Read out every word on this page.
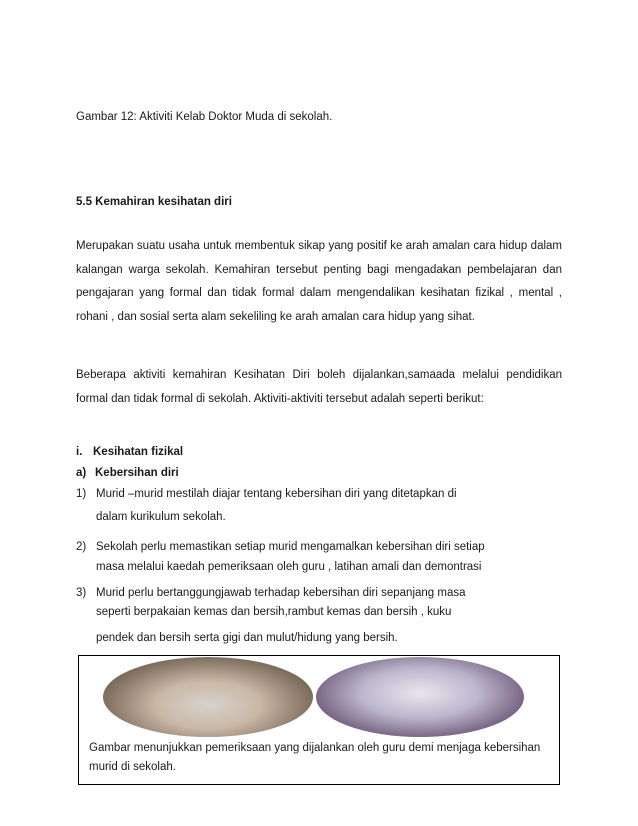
Gambar 12: Aktiviti Kelab Doktor Muda di sekolah.
5.5 Kemahiran kesihatan diri

Merupakan suatu usaha untuk membentuk sikap yang positif ke arah amalan cara hidup dalam kalangan warga sekolah. Kemahiran tersebut penting bagi mengadakan pembelajaran dan pengajaran yang formal dan tidak formal dalam mengendalikan kesihatan fizikal , mental , rohani , dan sosial serta alam sekeliling ke arah amalan cara hidup yang sihat.

Beberapa aktiviti kemahiran Kesihatan Diri boleh dijalankan,samaada melalui pendidikan formal dan tidak formal di sekolah. Aktiviti-aktiviti tersebut adalah seperti berikut:

i. Kesihatan fizikal
a) Kebersihan diri
1) Murid –murid mestilah diajar tentang kebersihan diri yang ditetapkan di
dalam kurikulum sekolah.
2) Sekolah perlu memastikan setiap murid mengamalkan kebersihan diri setiap
masa melalui kaedah pemeriksaan oleh guru , latihan amali dan demontrasi
3) Murid perlu bertanggungjawab terhadap kebersihan diri sepanjang masa
seperti berpakaian kemas dan bersih,rambut kemas dan bersih , kuku
pendek dan bersih serta gigi dan mulut/hidung yang bersih.
Gambar menunjukkan pemeriksaan yang dijalankan oleh guru demi menjaga kebersihan murid di sekolah.
